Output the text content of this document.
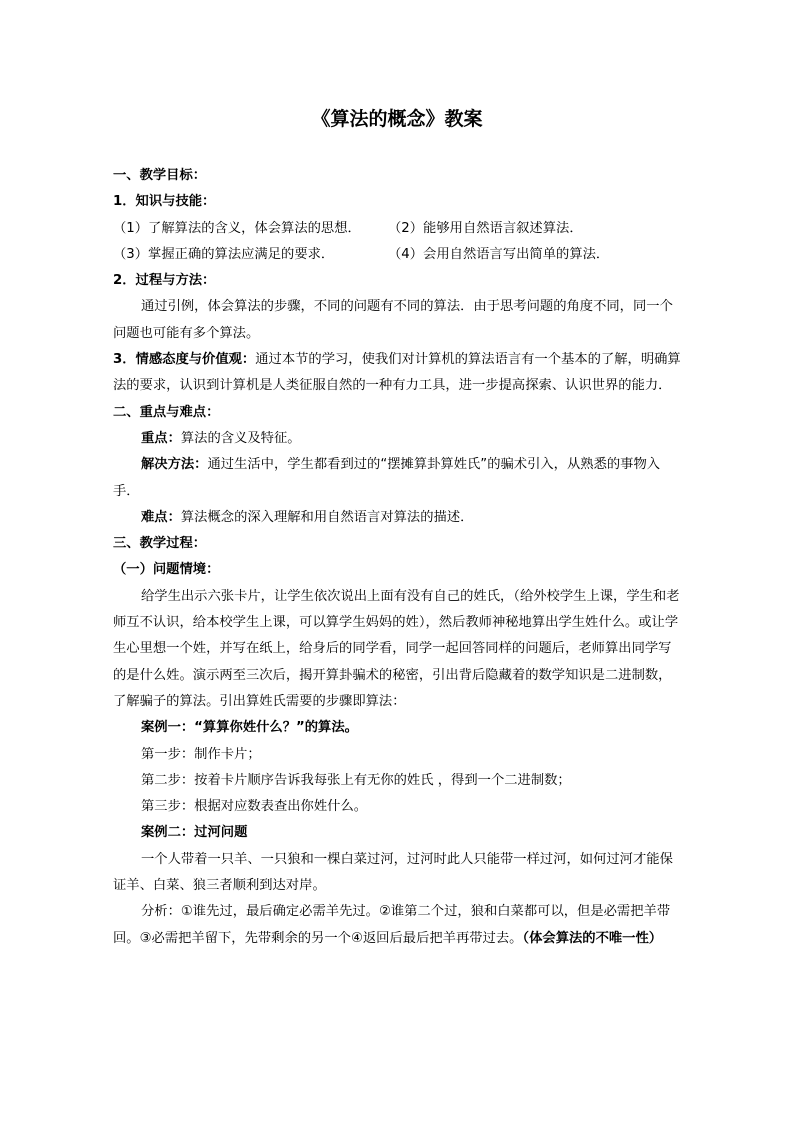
《算法的概念》教案

一、教学目标：

1．知识与技能：

（1）了解算法的含义，体会算法的思想．	（2）能够用自然语言叙述算法．

（3）掌握正确的算法应满足的要求．	（4）会用自然语言写出简单的算法．

2．过程与方法：

通过引例，体会算法的步骤，不同的问题有不同的算法．由于思考问题的角度不同，同一个问题也可能有多个算法。

3．情感态度与价值观：通过本节的学习，使我们对计算机的算法语言有一个基本的了解，明确算法的要求，认识到计算机是人类征服自然的一种有力工具，进一步提高探索、认识世界的能力．

二、重点与难点：

重点：算法的含义及特征。

解决方法：通过生活中，学生都看到过的“摆摊算卦算姓氏”的骗术引入，从熟悉的事物入手．

难点：算法概念的深入理解和用自然语言对算法的描述．

三、教学过程：

（一）问题情境：

给学生出示六张卡片，让学生依次说出上面有没有自己的姓氏，（给外校学生上课，学生和老师互不认识，给本校学生上课，可以算学生妈妈的姓），然后教师神秘地算出学生姓什么。或让学生心里想一个姓，并写在纸上，给身后的同学看，同学一起回答同样的问题后，老师算出同学写的是什么姓。演示两至三次后，揭开算卦骗术的秘密，引出背后隐藏着的数学知识是二进制数，了解骗子的算法。引出算姓氏需要的步骤即算法：

案例一：“算算你姓什么？”的算法。

第一步：制作卡片；

第二步：按着卡片顺序告诉我每张上有无你的姓氏 ，得到一个二进制数；

第三步：根据对应数表查出你姓什么。

案例二：过河问题

一个人带着一只羊、一只狼和一棵白菜过河，过河时此人只能带一样过河，如何过河才能保证羊、白菜、狼三者顺利到达对岸。

分析：①谁先过，最后确定必需羊先过。②谁第二个过，狼和白菜都可以，但是必需把羊带回。③必需把羊留下，先带剩余的另一个④返回后最后把羊再带过去。（体会算法的不唯一性）
